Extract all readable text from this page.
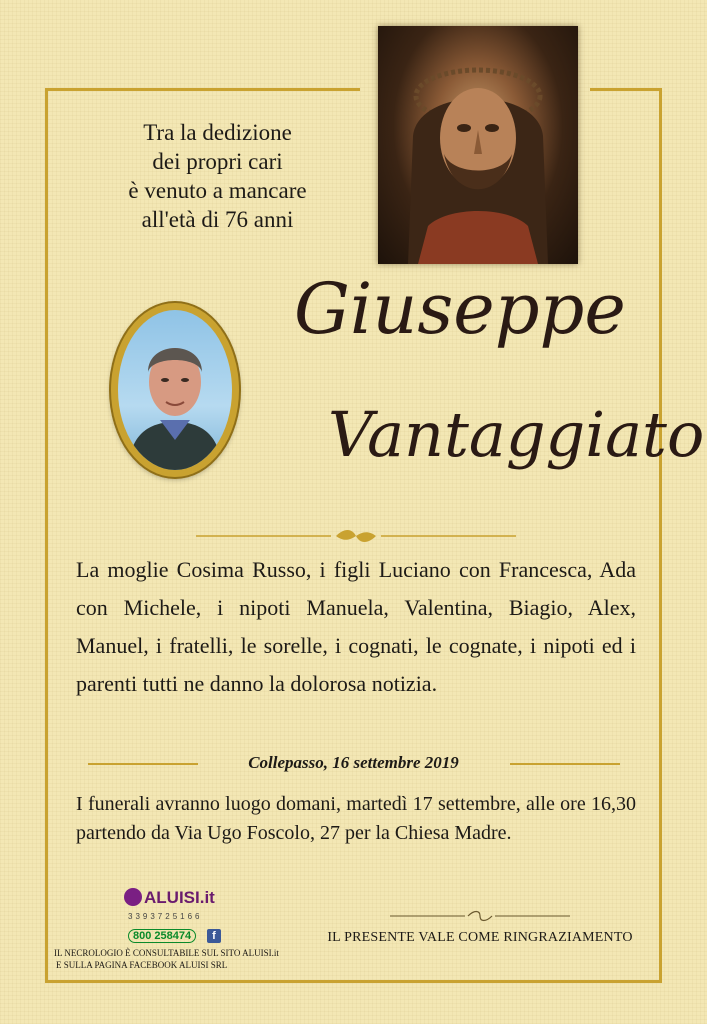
Tra la dedizione
dei propri cari
è venuto a mancare
all'età di 76 anni
Giuseppe
Vantaggiato
La moglie Cosima Russo, i figli Luciano con Francesca, Ada con Michele, i nipoti Manuela, Valentina, Biagio, Alex, Manuel, i fratelli, le sorelle, i cognati, le cognate, i nipoti ed i parenti tutti ne danno la dolorosa notizia.
Collepasso, 16 settembre 2019
I funerali avranno luogo domani, martedì 17 settembre, alle ore 16,30 partendo da Via Ugo Foscolo, 27 per la Chiesa Madre.
ALUISI.it
3393725166
800 258474	f
IL NECROLOGIO È CONSULTABILE SUL SITO ALUISI.it
E SULLA PAGINA FACEBOOK ALUISI SRL
IL PRESENTE VALE COME RINGRAZIAMENTO
